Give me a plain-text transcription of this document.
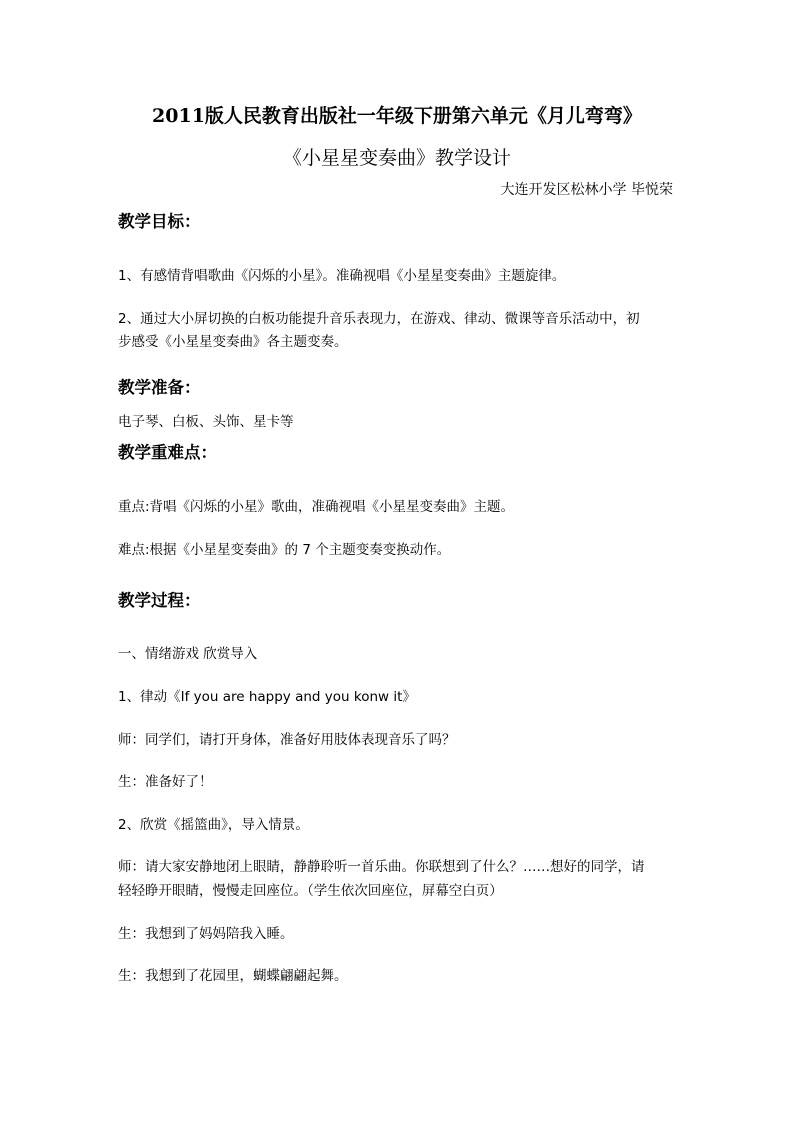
2011版人民教育出版社一年级下册第六单元《月儿弯弯》
《小星星变奏曲》教学设计
大连开发区松林小学 毕悦荣
教学目标：
1、有感情背唱歌曲《闪烁的小星》。准确视唱《小星星变奏曲》主题旋律。
2、通过大小屏切换的白板功能提升音乐表现力，在游戏、律动、微课等音乐活动中，初
步感受《小星星变奏曲》各主题变奏。
教学准备：
电子琴、白板、头饰、星卡等
教学重难点：
重点:背唱《闪烁的小星》歌曲，准确视唱《小星星变奏曲》主题。
难点:根据《小星星变奏曲》的 7 个主题变奏变换动作。
教学过程：
一、情绪游戏 欣赏导入
1、律动《If you are happy and you konw it》
师：同学们，请打开身体，准备好用肢体表现音乐了吗？
生：准备好了！
2、欣赏《摇篮曲》，导入情景。
师：请大家安静地闭上眼睛，静静聆听一首乐曲。你联想到了什么？……想好的同学，请
轻轻睁开眼睛，慢慢走回座位。（学生依次回座位，屏幕空白页）
生：我想到了妈妈陪我入睡。
生：我想到了花园里，蝴蝶翩翩起舞。
